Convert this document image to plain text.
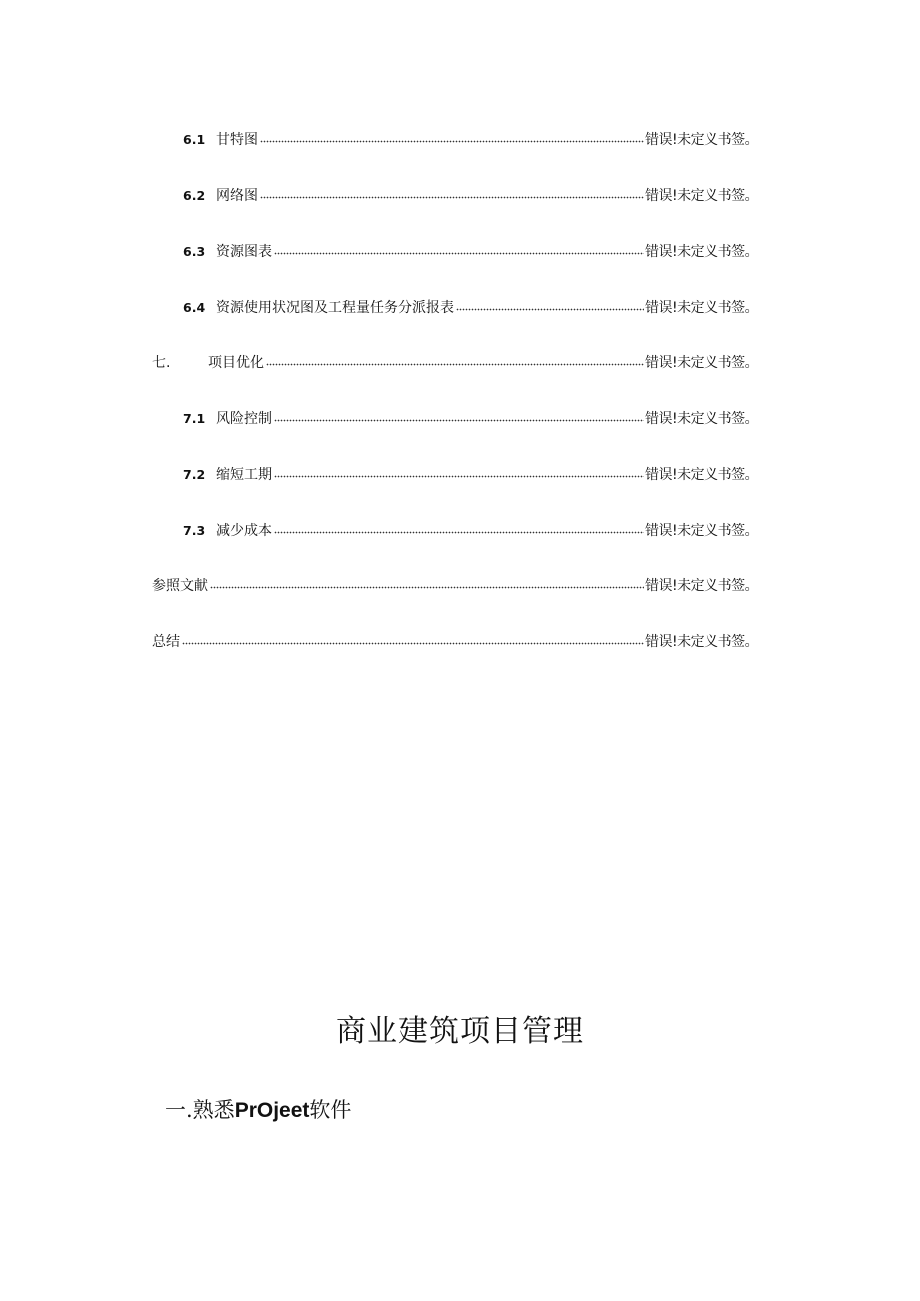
6.1 甘特图	错误!未定义书签。
6.2 网络图	错误!未定义书签。
6.3 资源图表	错误!未定义书签。
6.4 资源使用状况图及工程量任务分派报表	错误!未定义书签。
七.	项目优化	错误!未定义书签。
7.1 风险控制	错误!未定义书签。
7.2 缩短工期	错误!未定义书签。
7.3 减少成本	错误!未定义书签。
参照文献	错误!未定义书签。
总结	错误!未定义书签。
商业建筑项目管理
一.熟悉PrOjeet软件
